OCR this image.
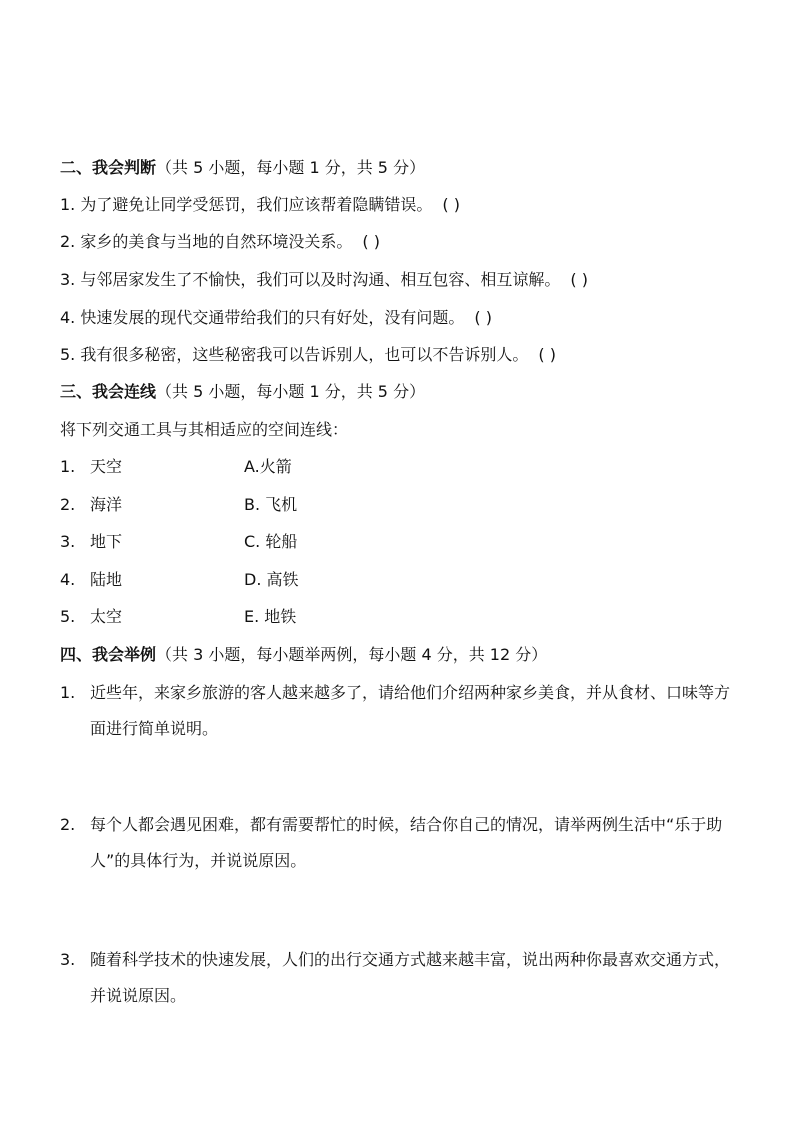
二、我会判断（共 5 小题，每小题 1 分，共 5 分）
1. 为了避免让同学受惩罚，我们应该帮着隐瞒错误。 ( )
2. 家乡的美食与当地的自然环境没关系。 ( )
3. 与邻居家发生了不愉快，我们可以及时沟通、相互包容、相互谅解。 ( )
4. 快速发展的现代交通带给我们的只有好处，没有问题。 ( )
5. 我有很多秘密，这些秘密我可以告诉别人，也可以不告诉别人。 ( )
三、我会连线（共 5 小题，每小题 1 分，共 5 分）
将下列交通工具与其相适应的空间连线：
1. 天空	A.火箭
2. 海洋	B. 飞机
3. 地下	C. 轮船
4. 陆地	D. 高铁
5. 太空	E. 地铁
四、我会举例（共 3 小题，每小题举两例，每小题 4 分，共 12 分）
1. 近些年，来家乡旅游的客人越来越多了，请给他们介绍两种家乡美食，并从食材、口味等方面进行简单说明。
2. 每个人都会遇见困难，都有需要帮忙的时候，结合你自己的情况，请举两例生活中“乐于助人”的具体行为，并说说原因。
3. 随着科学技术的快速发展，人们的出行交通方式越来越丰富，说出两种你最喜欢交通方式，并说说原因。
